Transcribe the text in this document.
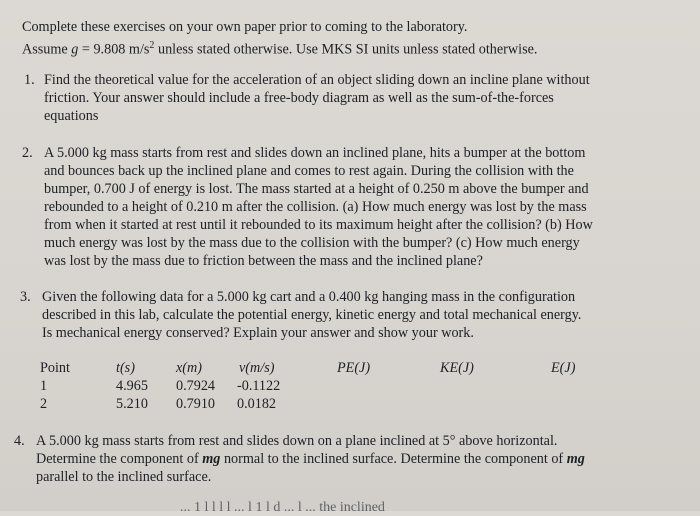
Complete these exercises on your own paper prior to coming to the laboratory.
Assume g = 9.808 $m/s^2$ unless stated otherwise. Use MKS SI units unless stated otherwise.
1. Find the theoretical value for the acceleration of an object sliding down an incline plane without
friction. Your answer should include a free-body diagram as well as the sum-of-the-forces
equations
2. A 5.000 kg mass starts from rest and slides down an inclined plane, hits a bumper at the bottom
and bounces back up the inclined plane and comes to rest again. During the collision with the
bumper, 0.700 J of energy is lost. The mass started at a height of 0.250 m above the bumper and
rebounded to a height of 0.210 m after the collision. (a) How much energy was lost by the mass
from when it started at rest until it rebounded to its maximum height after the collision? (b) How
much energy was lost by the mass due to the collision with the bumper? (c) How much energy
was lost by the mass due to friction between the mass and the inclined plane?
3. Given the following data for a 5.000 kg cart and a 0.400 kg hanging mass in the configuration
described in this lab, calculate the potential energy, kinetic energy and total mechanical energy.
Is mechanical energy conserved? Explain your answer and show your work.
Point	t(s)	x(m)	v(m/s)	PE(J)	KE(J)	E(J)
1	4.965 0.7924 -0.1122
2	5.210 0.7910 0.0182
4. A 5.000 kg mass starts from rest and slides down on a plane inclined at 5° above horizontal.
Determine the component of mg normal to the inclined surface. Determine the component of mg
parallel to the inclined surface.
... 1 l l l l ... l 1 l d ... l ... the inclined
